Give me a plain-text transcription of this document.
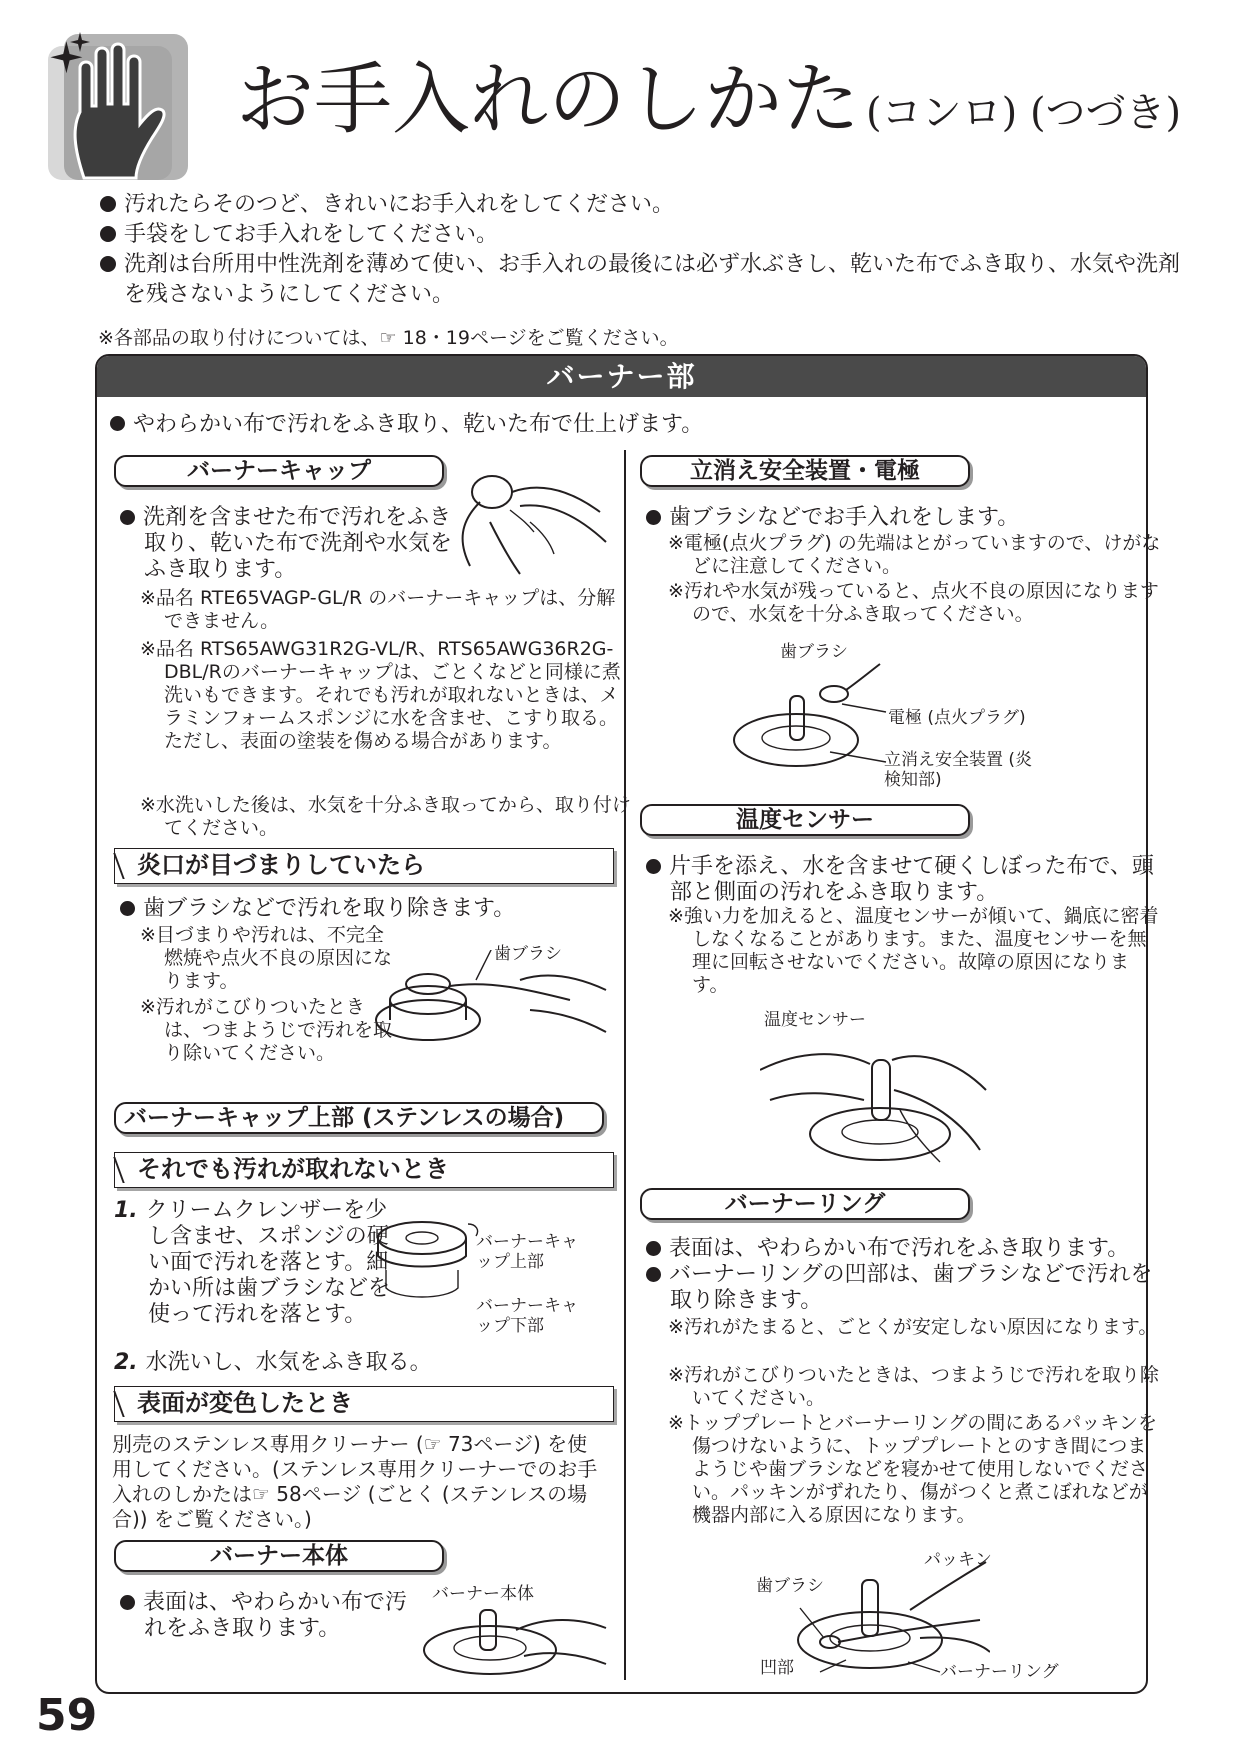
お手入れのしかた (コンロ) (つづき)
汚れたらそのつど、きれいにお手入れをしてください。
手袋をしてお手入れをしてください。
洗剤は台所用中性洗剤を薄めて使い、お手入れの最後には必ず水ぶきし、乾いた布でふき取り、水気や洗剤を残さないようにしてください。
※各部品の取り付けについては、☞ 18・19ページをご覧ください。
バーナー部
やわらかい布で汚れをふき取り、乾いた布で仕上げます。
バーナーキャップ
洗剤を含ませた布で汚れをふき取り、乾いた布で洗剤や水気をふき取ります。
※品名 RTE65VAGP-GL/R のバーナーキャップは、分解できません。
※品名 RTS65AWG31R2G-VL/R、RTS65AWG36R2G-DBL/Rのバーナーキャップは、ごとくなどと同様に煮洗いもできます。それでも汚れが取れないときは、メラミンフォームスポンジに水を含ませ、こすり取る。ただし、表面の塗装を傷める場合があります。
※水洗いした後は、水気を十分ふき取ってから、取り付けてください。
炎口が目づまりしていたら
歯ブラシなどで汚れを取り除きます。
※目づまりや汚れは、不完全燃焼や点火不良の原因になります。
※汚れがこびりついたときは、つまようじで汚れを取り除いてください。
歯ブラシ
バーナーキャップ上部 (ステンレスの場合)
それでも汚れが取れないとき
1. クリームクレンザーを少し含ませ、スポンジの硬い面で汚れを落とす。細かい所は歯ブラシなどを使って汚れを落とす。
2. 水洗いし、水気をふき取る。
バーナーキャップ上部
バーナーキャップ下部
表面が変色したとき
別売のステンレス専用クリーナー (☞ 73ページ) を使用してください。(ステンレス専用クリーナーでのお手入れのしかたは☞ 58ページ (ごとく (ステンレスの場合)) をご覧ください。)
バーナー本体
表面は、やわらかい布で汚れをふき取ります。
バーナー本体
立消え安全装置・電極
歯ブラシなどでお手入れをします。
※電極(点火プラグ) の先端はとがっていますので、けがなどに注意してください。
※汚れや水気が残っていると、点火不良の原因になりますので、水気を十分ふき取ってください。
歯ブラシ
電極 (点火プラグ)
立消え安全装置 (炎検知部)
温度センサー
片手を添え、水を含ませて硬くしぼった布で、頭部と側面の汚れをふき取ります。
※強い力を加えると、温度センサーが傾いて、鍋底に密着しなくなることがあります。また、温度センサーを無理に回転させないでください。故障の原因になります。
温度センサー
バーナーリング
表面は、やわらかい布で汚れをふき取ります。
バーナーリングの凹部は、歯ブラシなどで汚れを取り除きます。
※汚れがたまると、ごとくが安定しない原因になります。
※汚れがこびりついたときは、つまようじで汚れを取り除いてください。
※トッププレートとバーナーリングの間にあるパッキンを傷つけないように、トッププレートとのすき間につまようじや歯ブラシなどを寝かせて使用しないでください。パッキンがずれたり、傷がつくと煮こぼれなどが機器内部に入る原因になります。
パッキン
歯ブラシ
凹部	バーナーリング
59
